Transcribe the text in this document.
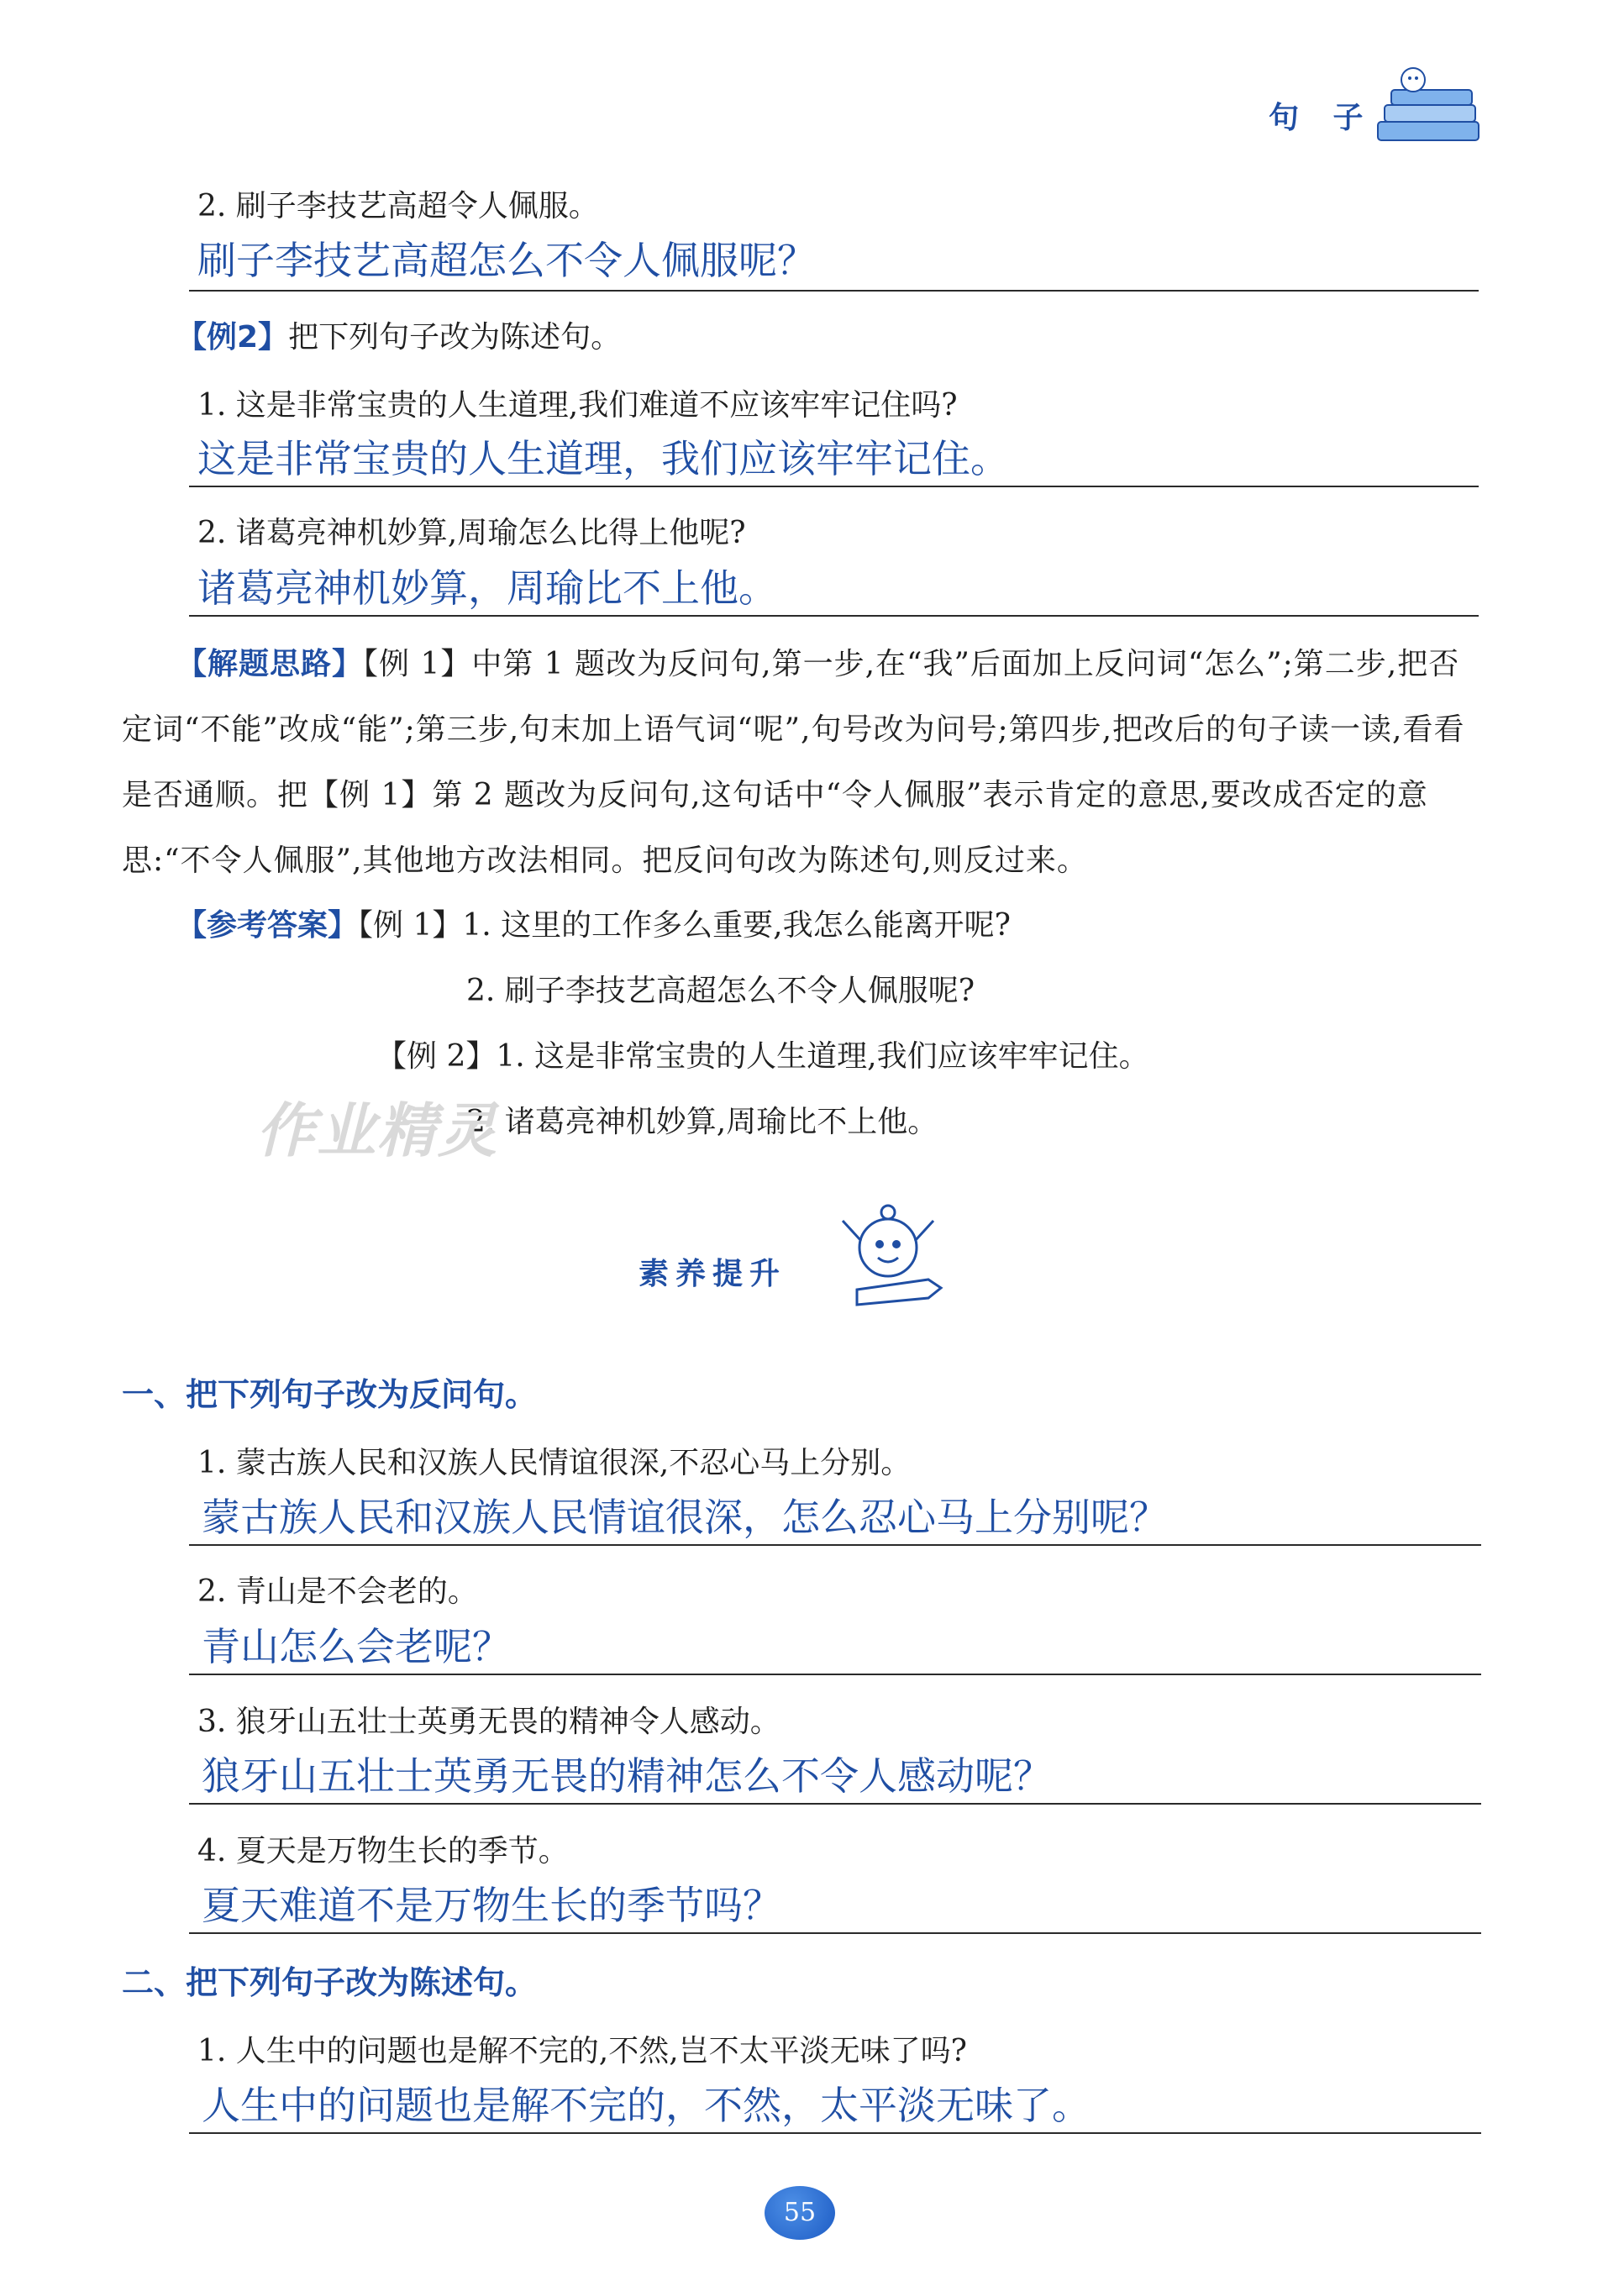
句 子
2. 刷子李技艺高超令人佩服。
刷子李技艺高超怎么不令人佩服呢？
【例2】把下列句子改为陈述句。
1. 这是非常宝贵的人生道理,我们难道不应该牢牢记住吗?
这是非常宝贵的人生道理，我们应该牢牢记住。
2. 诸葛亮神机妙算,周瑜怎么比得上他呢?
诸葛亮神机妙算，周瑜比不上他。
【解题思路】【例 1】中第 1 题改为反问句,第一步,在“我”后面加上反问词“怎么”;第二步,把否定词“不能”改成“能”;第三步,句末加上语气词“呢”,句号改为问号;第四步,把改后的句子读一读,看看是否通顺。把【例 1】第 2 题改为反问句,这句话中“令人佩服”表示肯定的意思,要改成否定的意思:“不令人佩服”,其他地方改法相同。把反问句改为陈述句,则反过来。
【参考答案】【例 1】1. 这里的工作多么重要,我怎么能离开呢?
2. 刷子李技艺高超怎么不令人佩服呢?
【例 2】1. 这是非常宝贵的人生道理,我们应该牢牢记住。
2. 诸葛亮神机妙算,周瑜比不上他。
作业精灵
素养提升
一、把下列句子改为反问句。
1. 蒙古族人民和汉族人民情谊很深,不忍心马上分别。
蒙古族人民和汉族人民情谊很深，怎么忍心马上分别呢？
2. 青山是不会老的。
青山怎么会老呢？
3. 狼牙山五壮士英勇无畏的精神令人感动。
狼牙山五壮士英勇无畏的精神怎么不令人感动呢？
4. 夏天是万物生长的季节。
夏天难道不是万物生长的季节吗？
二、把下列句子改为陈述句。
1. 人生中的问题也是解不完的,不然,岂不太平淡无味了吗?
人生中的问题也是解不完的，不然，太平淡无味了。
55
